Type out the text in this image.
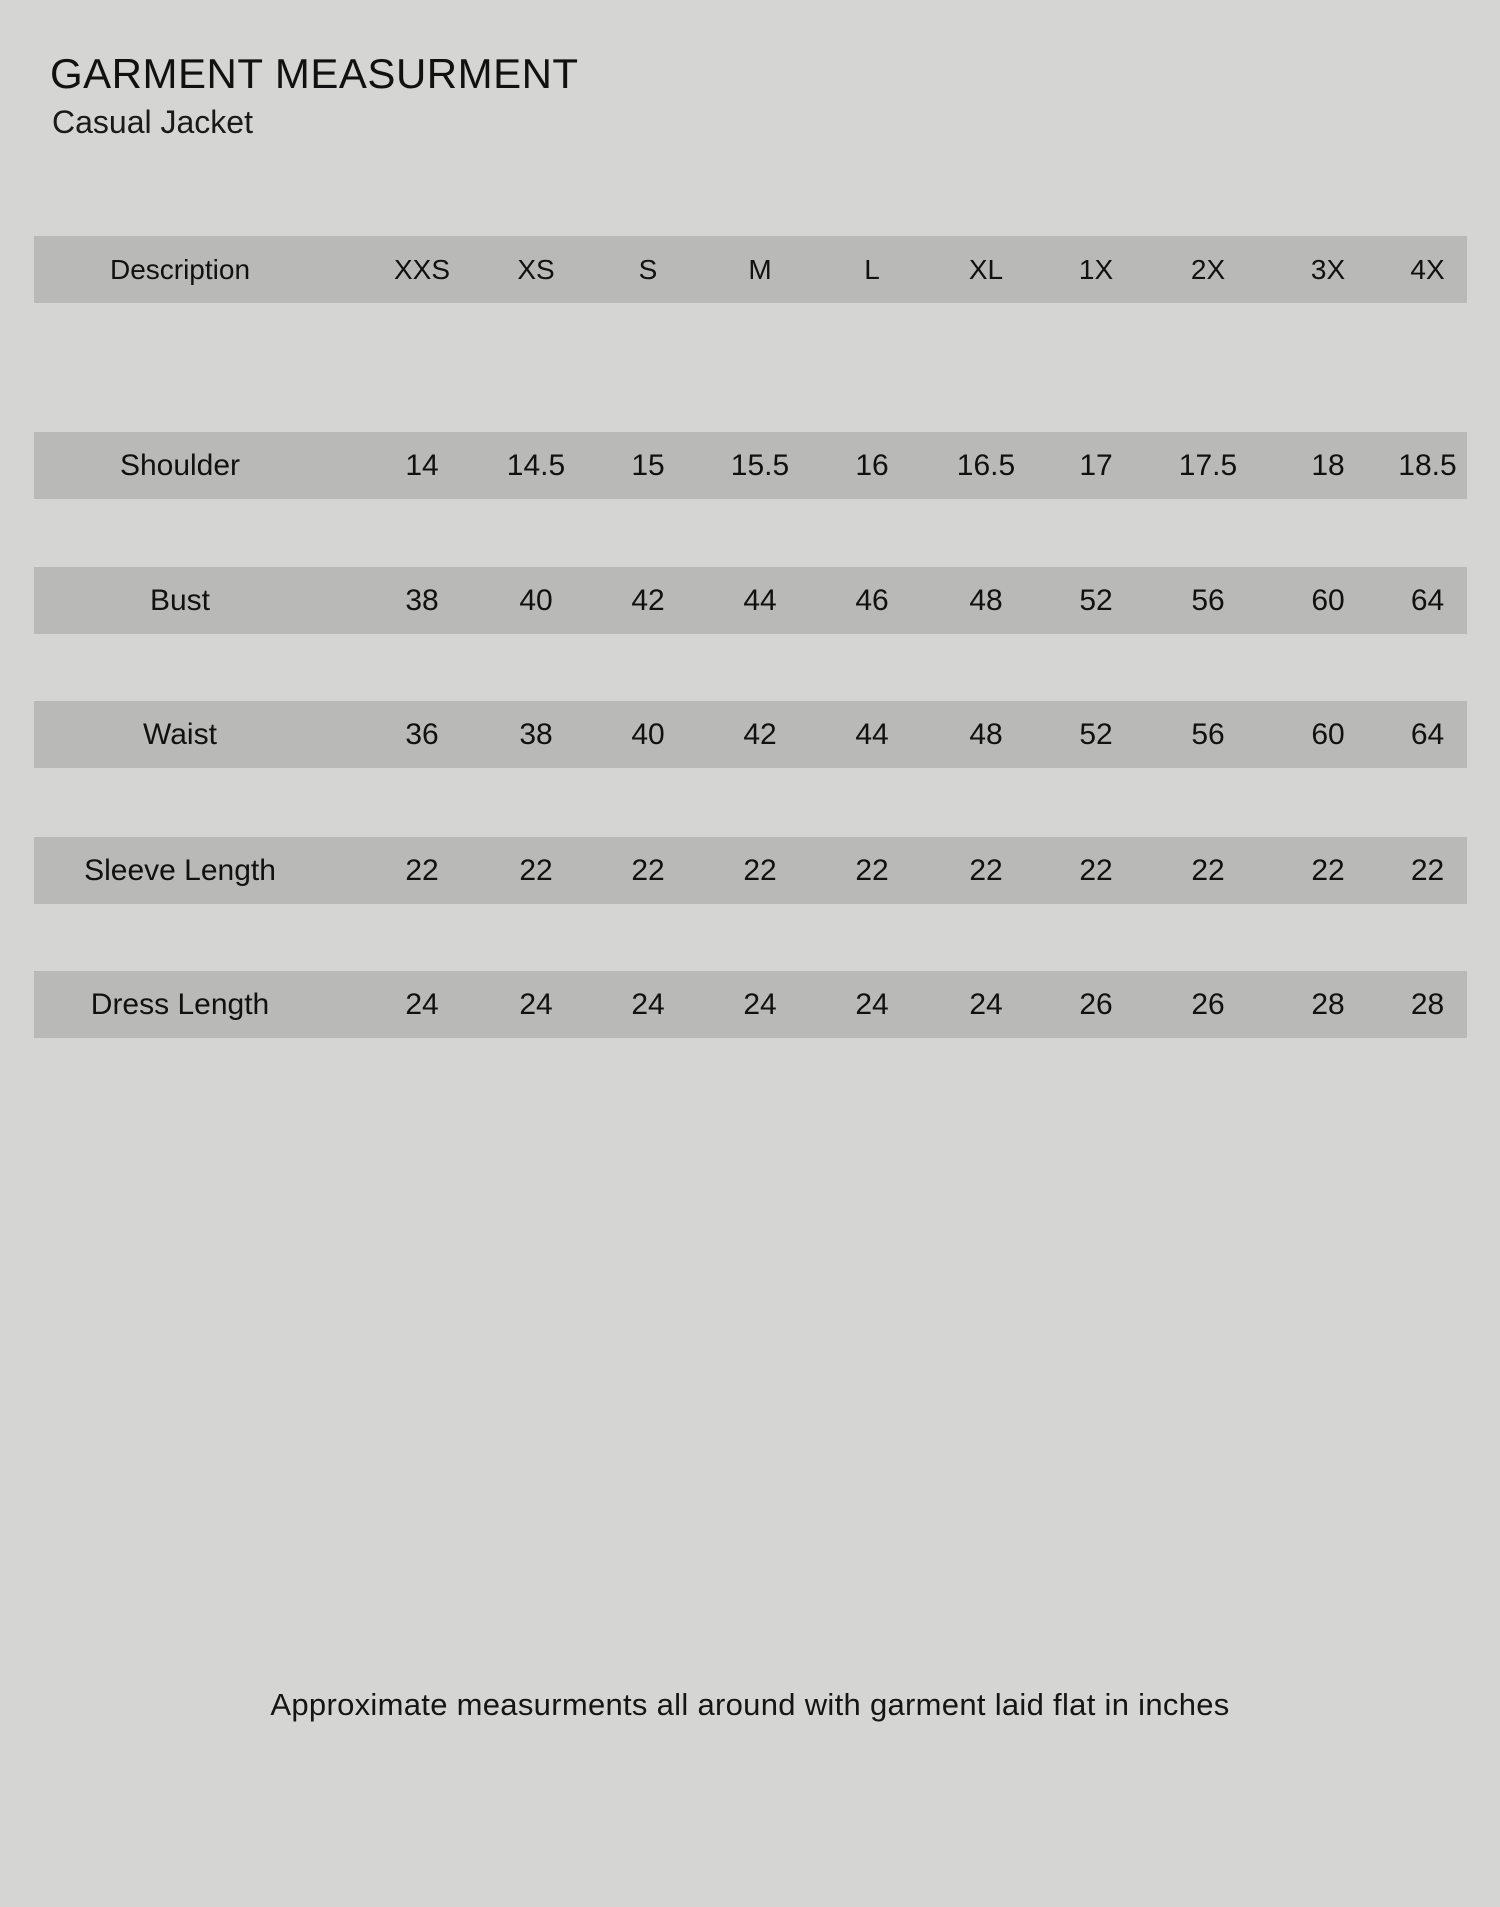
GARMENT MEASURMENT
Casual Jacket
Description	XXS	XS	S	M	L	XL	1X	2X	3X	4X
Shoulder	14	14.5	15	15.5	16	16.5	17	17.5	18	18.5
Bust	38	40	42	44	46	48	52	56	60	64
Waist	36	38	40	42	44	48	52	56	60	64
Sleeve Length	22	22	22	22	22	22	22	22	22	22
Dress Length	24	24	24	24	24	24	26	26	28	28
Approximate measurments all around with garment laid flat in inches
